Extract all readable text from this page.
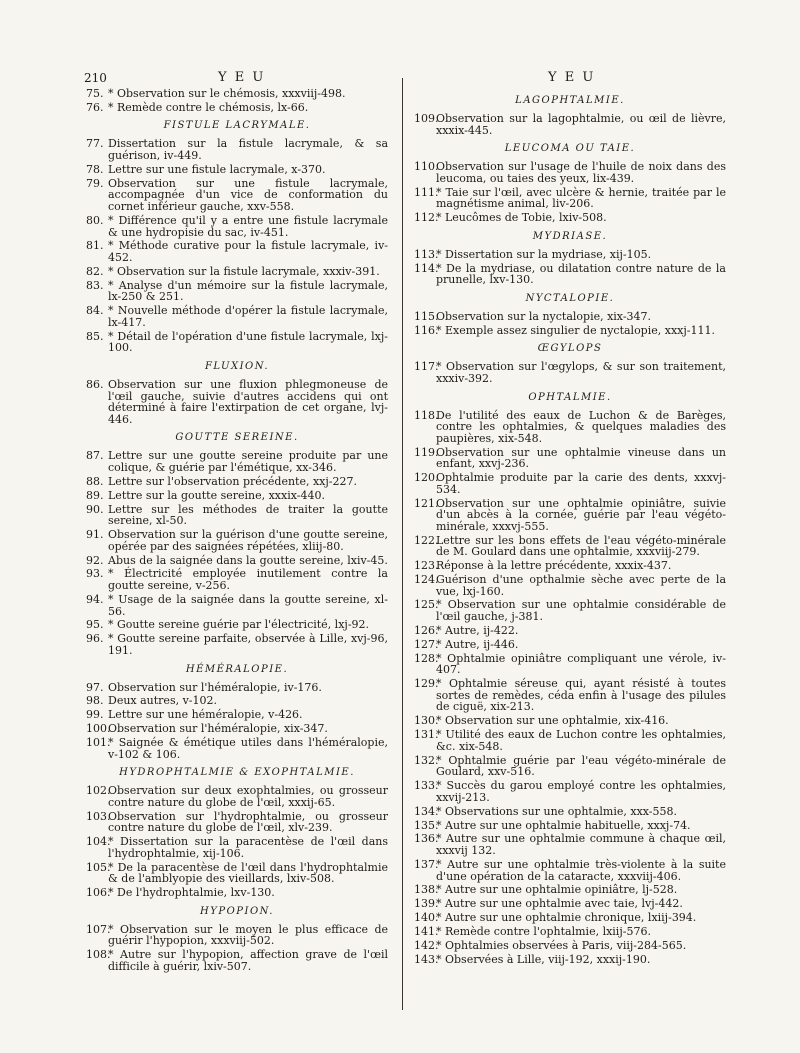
210	Y E U	Y E U
75. * Observation sur le chémosis, xxxviij-498.
76. * Remède contre le chémosis, lx-66.
FISTULE LACRYMALE.
77. Dissertation sur la fistule lacrymale, & sa guérison, iv-449.
78. Lettre sur une fistule lacrymale, x-370.
79. Observation sur une fistule lacrymale, accompagnée d'un vice de conformation du cornet inférieur gauche, xxv-558.
80. * Différence qu'il y a entre une fistule lacrymale & une hydropisie du sac, iv-451.
81. * Méthode curative pour la fistule lacrymale, iv-452.
82. * Observation sur la fistule lacrymale, xxxiv-391.
83. * Analyse d'un mémoire sur la fistule lacrymale, lx-250 & 251.
84. * Nouvelle méthode d'opérer la fistule lacrymale, lx-417.
85. * Détail de l'opération d'une fistule lacrymale, lxj-100.
FLUXION.
86. Observation sur une fluxion phlegmoneuse de l'œil gauche, suivie d'autres accidens qui ont déterminé à faire l'extirpation de cet organe, lvj-446.
GOUTTE SEREINE.
87. Lettre sur une goutte sereine produite par une colique, & guérie par l'émétique, xx-346.
88. Lettre sur l'observation précédente, xxj-227.
89. Lettre sur la goutte sereine, xxxix-440.
90. Lettre sur les méthodes de traiter la goutte sereine, xl-50.
91. Observation sur la guérison d'une goutte sereine, opérée par des saignées répétées, xliij-80.
92. Abus de la saignée dans la goutte sereine, lxiv-45.
93. * Électricité employée inutilement contre la goutte sereine, v-256.
94. * Usage de la saignée dans la goutte sereine, xl-56.
95. * Goutte sereine guérie par l'électricité, lxj-92.
96. * Goutte sereine parfaite, observée à Lille, xvj-96, 191.
HÉMÉRALOPIE.
97. Observation sur l'héméralopie, iv-176.
98. Deux autres, v-102.
99. Lettre sur une héméralopie, v-426.
100.Observation sur l'héméralopie, xix-347.
101.* Saignée & émétique utiles dans l'héméralopie, v-102 & 106.
HYDROPHTALMIE & EXOPHTALMIE.
102.Observation sur deux exophtalmies, ou grosseur contre nature du globe de l'œil, xxxij-65.
103.Observation sur l'hydrophtalmie, ou grosseur contre nature du globe de l'œil, xlv-239.
104.* Dissertation sur la paracentèse de l'œil dans l'hydrophtalmie, xij-106.
105.* De la paracentèse de l'œil dans l'hydrophtalmie & de l'amblyopie des vieillards, lxiv-508.
106.* De l'hydrophtalmie, lxv-130.
HYPOPION.
107.* Observation sur le moyen le plus efficace de guérir l'hypopion, xxxviij-502.
108.* Autre sur l'hypopion, affection grave de l'œil difficile à guérir, lxiv-507.
LAGOPHTALMIE.
109.Observation sur la lagophtalmie, ou œil de lièvre, xxxix-445.
LEUCOMA OU TAIE.
110.Observation sur l'usage de l'huile de noix dans des leucoma, ou taies des yeux, lix-439.
111.* Taie sur l'œil, avec ulcère & hernie, traitée par le magnétisme animal, liv-206.
112.* Leucômes de Tobie, lxiv-508.
MYDRIASE.
113.* Dissertation sur la mydriase, xij-105.
114.* De la mydriase, ou dilatation contre nature de la prunelle, lxv-130.
NYCTALOPIE.
115.Observation sur la nyctalopie, xix-347.
116.* Exemple assez singulier de nyctalopie, xxxj-111.
ŒGYLOPS
117.* Observation sur l'œgylops, & sur son traitement, xxxiv-392.
OPHTALMIE.
118.De l'utilité des eaux de Luchon & de Barèges, contre les ophtalmies, & quelques maladies des paupières, xix-548.
119.Observation sur une ophtalmie vineuse dans un enfant, xxvj-236.
120.Ophtalmie produite par la carie des dents, xxxvj-534.
121.Observation sur une ophtalmie opiniâtre, suivie d'un abcès à la cornée, guérie par l'eau végéto-minérale, xxxvj-555.
122.Lettre sur les bons effets de l'eau végéto-minérale de M. Goulard dans une ophtalmie, xxxviij-279.
123.Réponse à la lettre précédente, xxxix-437.
124.Guérison d'une opthalmie sèche avec perte de la vue, lxj-160.
125.* Observation sur une ophtalmie considérable de l'œil gauche, j-381.
126.* Autre, ij-422.
127.* Autre, ij-446.
128.* Ophtalmie opiniâtre compliquant une vérole, iv-407.
129.* Ophtalmie séreuse qui, ayant résisté à toutes sortes de remèdes, céda enfin à l'usage des pilules de ciguë, xix-213.
130.* Observation sur une ophtalmie, xix-416.
131.* Utilité des eaux de Luchon contre les ophtalmies, &c. xix-548.
132.* Ophtalmie guérie par l'eau végéto-minérale de Goulard, xxv-516.
133.* Succès du garou employé contre les ophtalmies, xxvij-213.
134.* Observations sur une ophtalmie, xxx-558.
135.* Autre sur une ophtalmie habituelle, xxxj-74.
136.* Autre sur une ophtalmie commune à chaque œil, xxxvij 132.
137.* Autre sur une ophtalmie très-violente à la suite d'une opération de la cataracte, xxxviij-406.
138.* Autre sur une ophtalmie opiniâtre, lj-528.
139.* Autre sur une ophtalmie avec taie, lvj-442.
140.* Autre sur une ophtalmie chronique, lxiij-394.
141.* Remède contre l'ophtalmie, lxiij-576.
142.* Ophtalmies observées à Paris, viij-284-565.
143.* Observées à Lille, viij-192, xxxij-190.
